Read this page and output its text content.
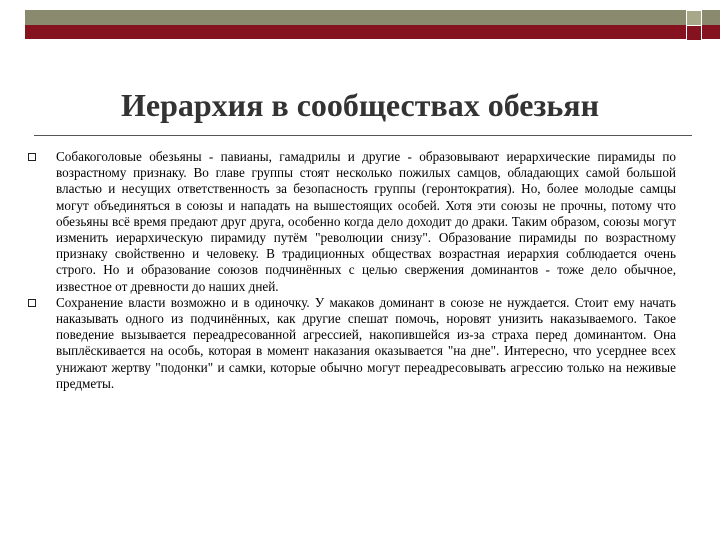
Иерархия в сообществах обезьян
Собакоголовые обезьяны - павианы, гамадрилы и другие - образовывают иерархические пирамиды по возрастному признаку. Во главе группы стоят несколько пожилых самцов, обладающих самой большой властью и несущих ответственность за безопасность группы (геронтократия). Но, более молодые самцы могут объединяться в союзы и нападать на вышестоящих особей. Хотя эти союзы не прочны, потому что обезьяны всё время предают друг друга, особенно когда дело доходит до драки. Таким образом, союзы могут изменить иерархическую пирамиду путём "революции снизу". Образование пирамиды по возрастному признаку свойственно и человеку. В традиционных обществах возрастная иерархия соблюдается очень строго. Но и образование союзов подчинённых с целью свержения доминантов - тоже дело обычное, известное от древности до наших дней.
Сохранение власти возможно и в одиночку. У макаков доминант в союзе не нуждается. Стоит ему начать наказывать одного из подчинённых, как другие спешат помочь, норовят унизить наказываемого. Такое поведение вызывается переадресованной агрессией, накопившейся из-за страха перед доминантом. Она выплёскивается на особь, которая в момент наказания оказывается "на дне". Интересно, что усерднее всех унижают жертву "подонки" и самки, которые обычно могут переадресовывать агрессию только на неживые предметы.
